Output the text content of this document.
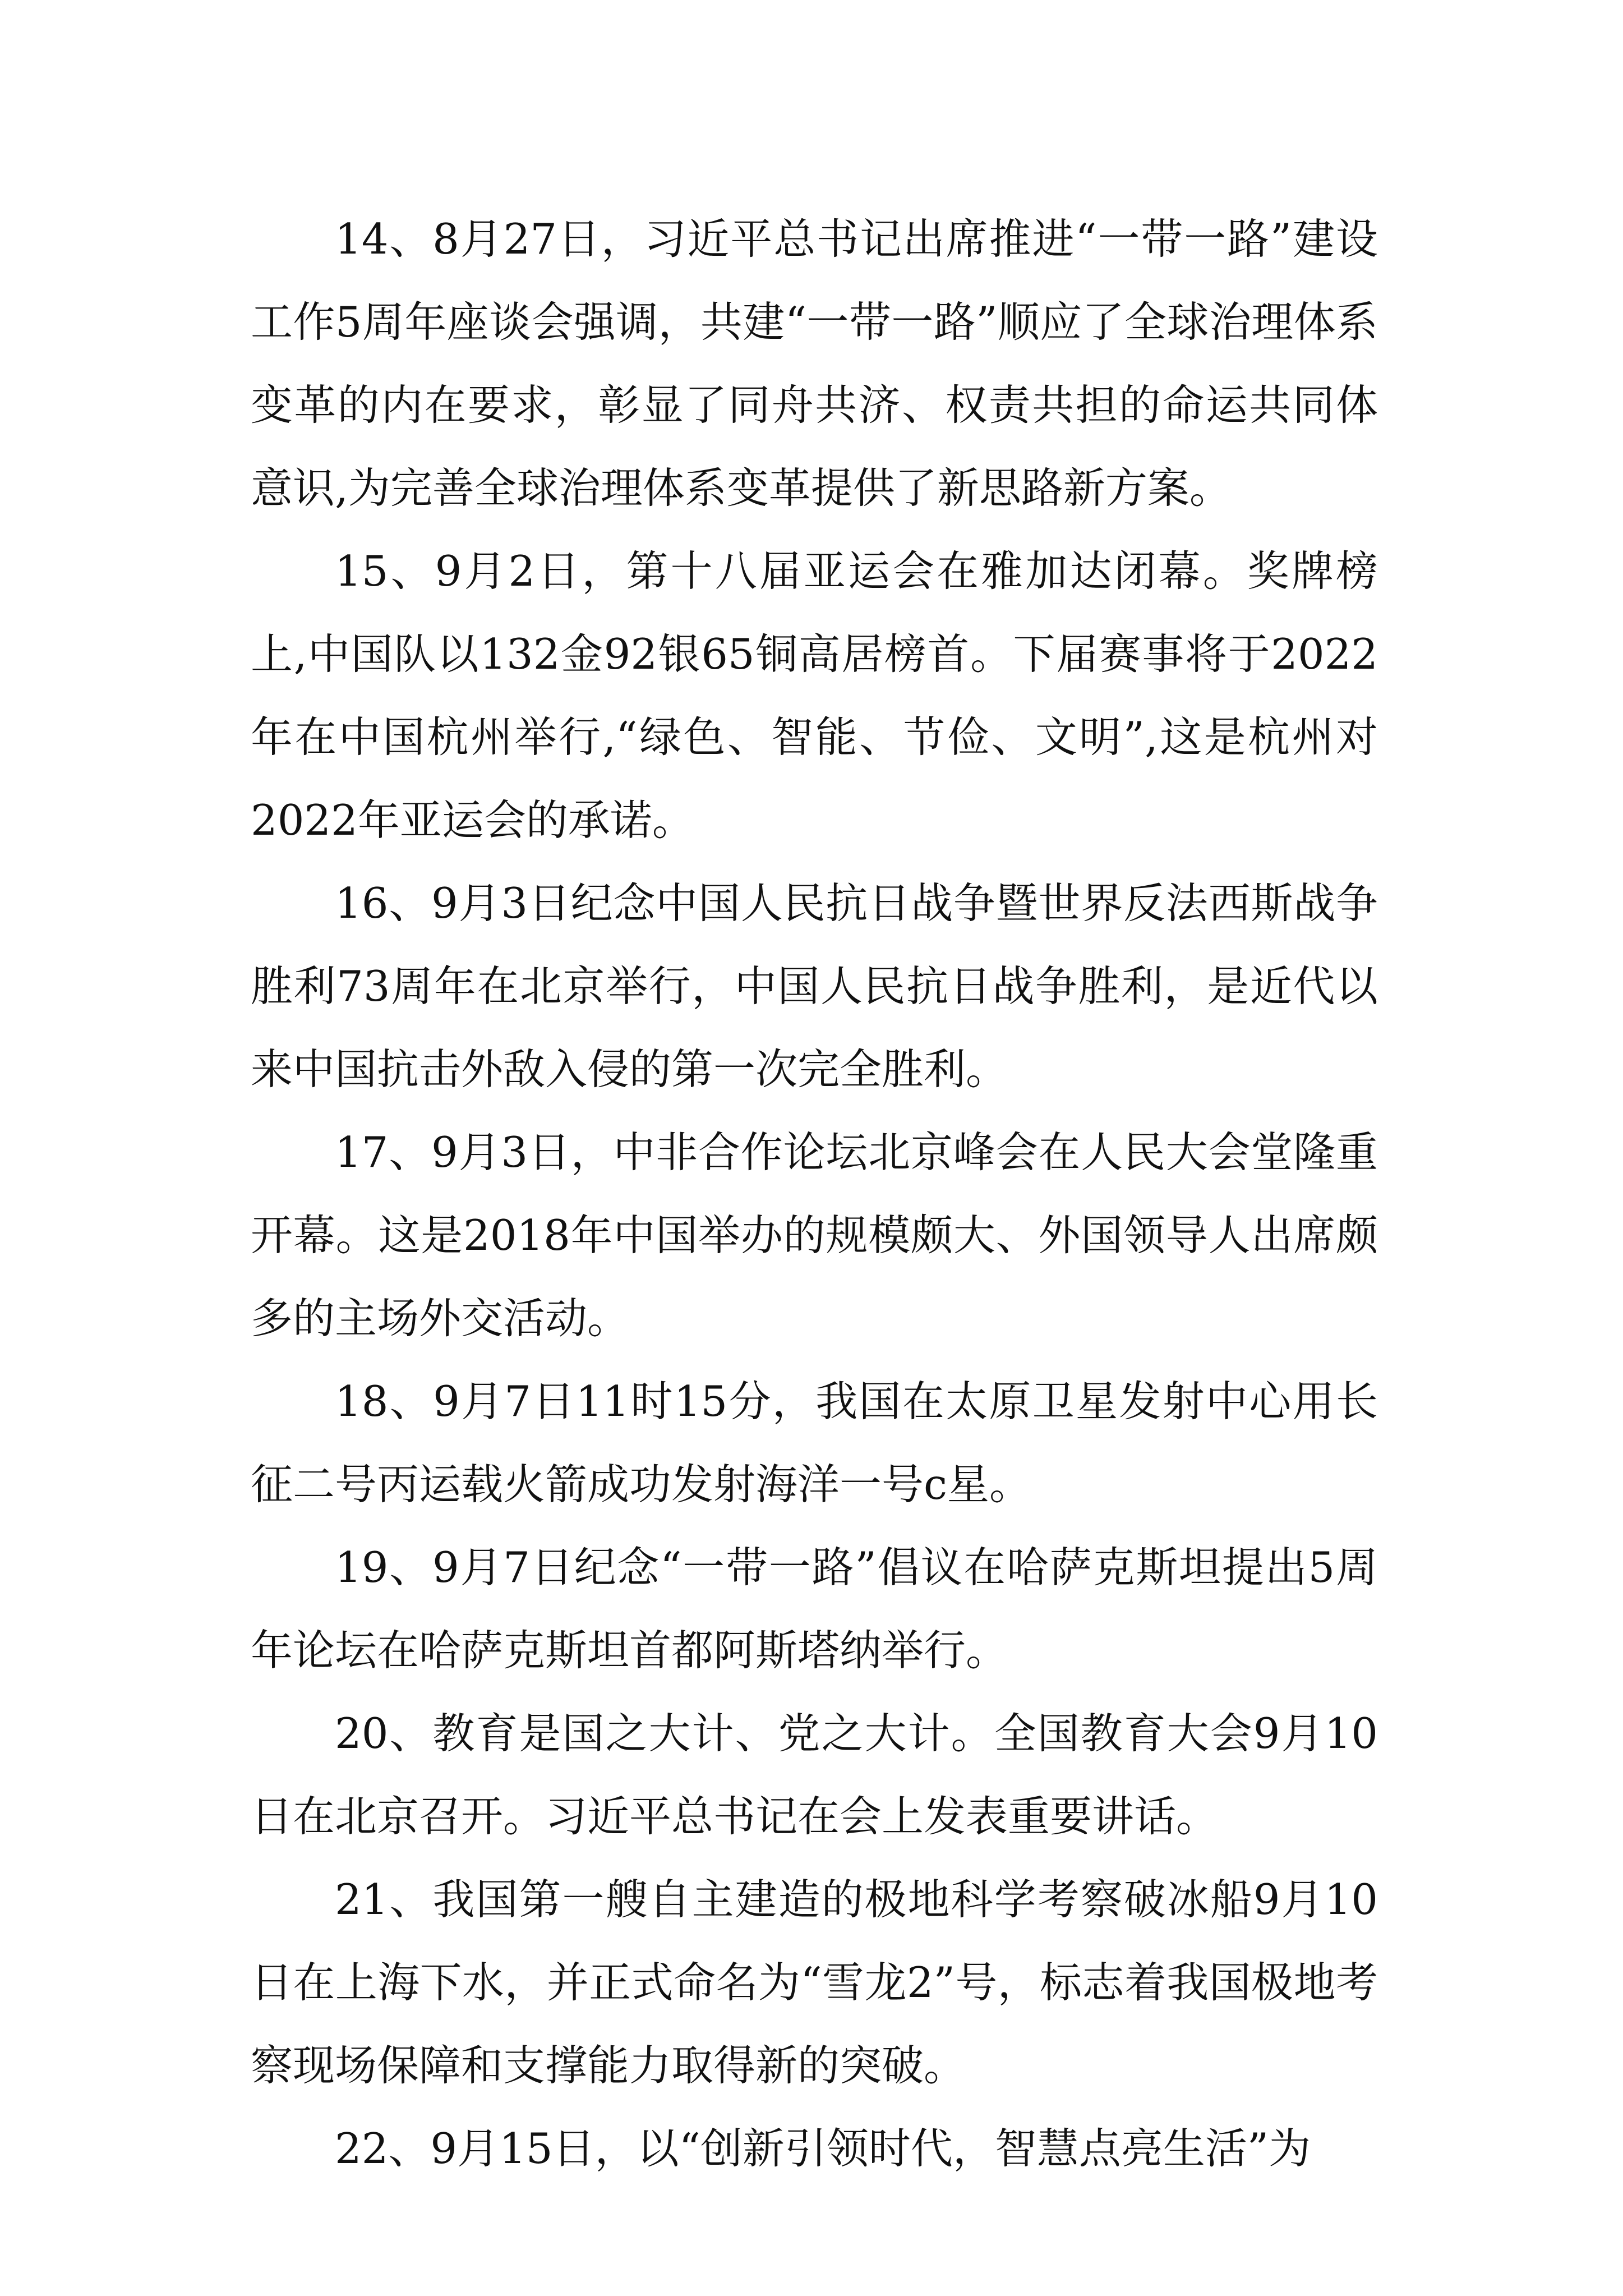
14、8月27日，习近平总书记出席推进“一带一路”建设工作5周年座谈会强调，共建“一带一路”顺应了全球治理体系变革的内在要求，彰显了同舟共济、权责共担的命运共同体意识,为完善全球治理体系变革提供了新思路新方案。

15、9月2日，第十八届亚运会在雅加达闭幕。奖牌榜上,中国队以132金92银65铜高居榜首。下届赛事将于2022年在中国杭州举行,“绿色、智能、节俭、文明”,这是杭州对2022年亚运会的承诺。

16、9月3日纪念中国人民抗日战争暨世界反法西斯战争胜利73周年在北京举行，中国人民抗日战争胜利，是近代以来中国抗击外敌入侵的第一次完全胜利。

17、9月3日，中非合作论坛北京峰会在人民大会堂隆重开幕。这是2018年中国举办的规模颇大、外国领导人出席颇多的主场外交活动。

18、9月7日11时15分，我国在太原卫星发射中心用长征二号丙运载火箭成功发射海洋一号c星。

19、9月7日纪念“一带一路”倡议在哈萨克斯坦提出5周年论坛在哈萨克斯坦首都阿斯塔纳举行。

20、教育是国之大计、党之大计。全国教育大会9月10日在北京召开。习近平总书记在会上发表重要讲话。

21、我国第一艘自主建造的极地科学考察破冰船9月10日在上海下水，并正式命名为“雪龙2”号，标志着我国极地考察现场保障和支撑能力取得新的突破。

22、9月15日，以“创新引领时代，智慧点亮生活”为
